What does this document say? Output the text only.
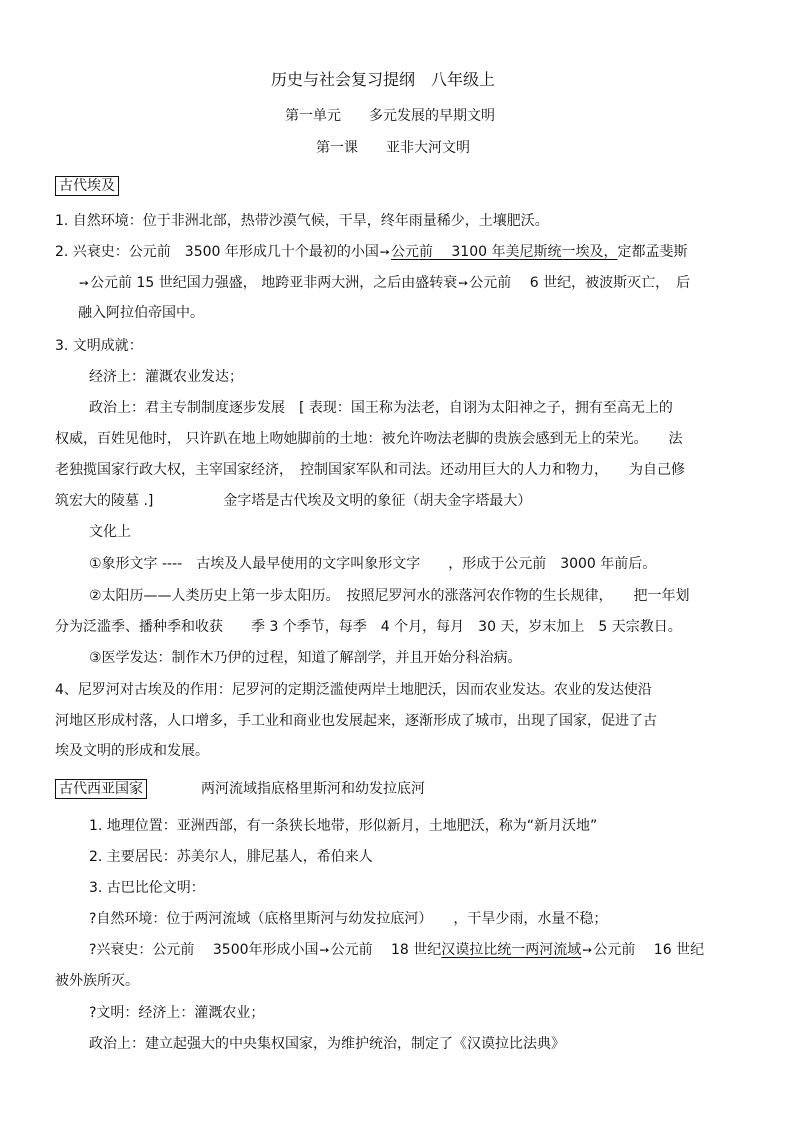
历史与社会复习提纲　八年级上
第一单元　　多元发展的早期文明
第一课　　亚非大河文明
古代埃及
1. 自然环境：位于非洲北部，热带沙漠气候，干旱，终年雨量稀少，土壤肥沃。
2. 兴衰史：公元前　3500 年形成几十个最初的小国➙公元前　 3100 年美尼斯统一埃及，定都孟斐斯
➙公元前 15 世纪国力强盛， 地跨亚非两大洲，之后由盛转衰➙公元前　 6 世纪，被波斯灭亡，　后
融入阿拉伯帝国中。
3. 文明成就：
经济上：灌溉农业发达；
政治上：君主专制制度逐步发展　[ 表现：国王称为法老，自诩为太阳神之子，拥有至高无上的
权威，百姓见他时， 只许趴在地上吻她脚前的土地：被允许吻法老脚的贵族会感到无上的荣光。　　法
老独揽国家行政大权，主宰国家经济，　控制国家军队和司法。还动用巨大的人力和物力，　　为自己修
筑宏大的陵墓 .]　　　　　金字塔是古代埃及文明的象征（胡夫金字塔最大）
文化上
①象形文字 ----　古埃及人最早使用的文字叫象形文字　　，形成于公元前　3000 年前后。
②太阳历——人类历史上第一步太阳历。　按照尼罗河水的涨落河农作物的生长规律，　　把一年划
分为泛滥季、播种季和收获　　季 3 个季节，每季　4 个月，每月　30 天，岁末加上　5 天宗教日。
③医学发达：制作木乃伊的过程，知道了解剖学，并且开始分科治病。
4、尼罗河对古埃及的作用：尼罗河的定期泛滥使两岸土地肥沃，因而农业发达。农业的发达使沿
河地区形成村落，人口增多，手工业和商业也发展起来，逐渐形成了城市，出现了国家，促进了古
埃及文明的形成和发展。
古代西亚国家	两河流域指底格里斯河和幼发拉底河
1. 地理位置：亚洲西部，有一条狭长地带，形似新月，土地肥沃，称为“新月沃地”
2. 主要居民：苏美尔人，腓尼基人，希伯来人
3. 古巴比伦文明：
?自然环境：位于两河流域（底格里斯河与幼发拉底河）　　，干旱少雨，水量不稳；
?兴衰史：公元前　 3500年形成小国➙公元前　 18 世纪汉谟拉比统一两河流域➙公元前　 16 世纪
被外族所灭。
?文明：经济上：灌溉农业；
政治上：建立起强大的中央集权国家，为维护统治，制定了《汉谟拉比法典》
